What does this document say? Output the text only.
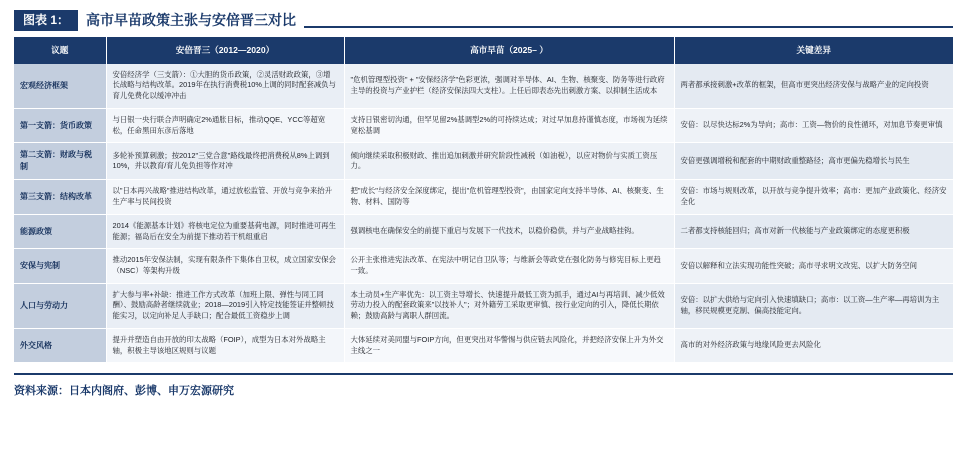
图表 1：	高市早苗政策主张与安倍晋三对比
议题	安倍晋三（2012—2020）	高市早苗（2025– ）	关键差异
宏观经济框架	安倍经济学（三支箭）：①大胆的货币政策，②灵活财政政策，③增长战略与结构改革。2019年在执行消费税10%上调的同时配套减负与育儿免费化以缓冲冲击	"危机管理型投资" + "安保经济学"色彩更浓，强调对半导体、AI、生物、核聚变、防务等进行政府主导的投资与产业护栏（经济安保法四大支柱）。上任后即表态先出刺激方案、以抑制生活成本	两者都承接刺激+改革的框架，但高市更突出经济安保与战略产业的定向投资
第一支箭：货币政策	与日银一央行联合声明确定2%通胀目标，推动QQE、YCC等超宽松，任命黑田东彦后落地	支持日银密切沟通，但罕见留2%基调型2%的可持续达成；对过早加息持谨慎态度，市场视为延续宽松基调	安倍：以尽快达标2%为导向；高市：工资—物价的良性循环，对加息节奏更审慎
第二支箭：财政与税制	多轮补预算刺激；按2012"三党合意"路线最终把消费税从8%上调到10%，并以教育/育儿免负担等作对冲	倾向继续采取积极财政、推出追加刺激并研究阶段性减税（如油税），以应对物价与实质工资压力。	安倍更强调增税和配套的中期财政重整路径；高市更偏先稳增长与民生
第三支箭：结构改革	以"日本再兴战略"推进结构改革，通过放松监管、开放与竞争来抬升生产率与民间投资	把"成长"与经济安全深度绑定，提出"危机管理型投资"，由国家定向支持半导体、AI、核聚变、生物、材料、国防等	安倍：市场与规则改革，以开放与竞争提升效率；高市：更加产业政策化、经济安全化
能源政策	2014《能源基本计划》将核电定位为重要基荷电源，同时推进可再生能源；福岛后在安全为前提下推动若干机组重启	强调核电在确保安全的前提下重启与发展下一代技术，以稳价稳供，并与产业战略挂钩。	二者都支持核能回归；高市对新一代核能与产业政策绑定的态度更积极
安保与宪制	推动2015年安保法制，实现有限条件下集体自卫权，成立国家安保会（NSC）等架构升级	公开主张推进宪法改革、在宪法中明记自卫队等；与维新会等政党在强化防务与修宪目标上更趋一致。	安倍以解释和立法实现功能性突破；高市寻求明文改宪、以扩大防务空间
人口与劳动力	扩大参与率+补缺：推进工作方式改革（加班上限、弹性与同工同酬）、鼓励高龄者继续就业；2018—2019引入特定技能签证并整顿技能实习，以定向补足人手缺口；配合最低工资稳步上调	本土动员+生产率优先：以工资主导增长、快速提升最低工资为抓手，通过AI与再培训、减少低效劳动力投入的配套政策来"以技补人"；对外籍劳工采取更审慎、按行业定向的引入，降低长期依赖；鼓励高龄与离职人群回流。	安倍：以扩大供给与定向引入快速填缺口；高市：以工资—生产率—再培训为主轴，移民规模更克制、偏高技能定向。
外交风格	提升并塑造自由开放的印太战略（FOIP），成型为日本对外战略主轴，积极主导该地区规则与议题	大体延续对美同盟与FOIP方向，但更突出对华警惕与供应链去风险化，并把经济安保上升为外交主线之一	高市的对外经济政策与地缘风险更去风险化
资料来源：日本内阁府、彭博、申万宏源研究
